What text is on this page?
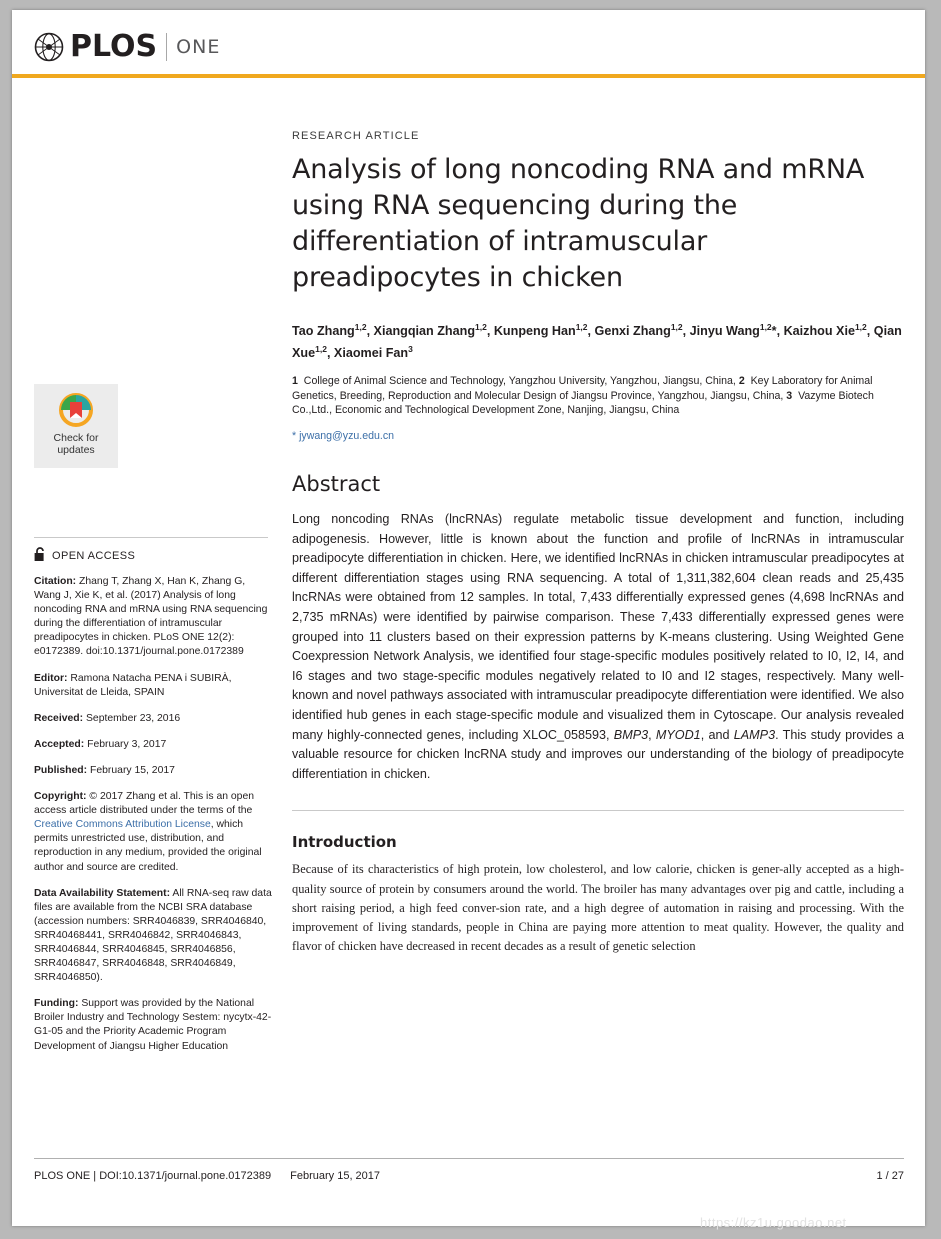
PLOS ONE
Check for
updates
OPEN ACCESS

Citation: Zhang T, Zhang X, Han K, Zhang G, Wang J, Xie K, et al. (2017) Analysis of long noncoding RNA and mRNA using RNA sequencing during the differentiation of intramuscular preadipocytes in chicken. PLoS ONE 12(2): e0172389. doi:10.1371/journal.pone.0172389

Editor: Ramona Natacha PENA i SUBIRÀ, Universitat de Lleida, SPAIN

Received: September 23, 2016

Accepted: February 3, 2017

Published: February 15, 2017

Copyright: © 2017 Zhang et al. This is an open access article distributed under the terms of the Creative Commons Attribution License, which permits unrestricted use, distribution, and reproduction in any medium, provided the original author and source are credited.

Data Availability Statement: All RNA-seq raw data files are available from the NCBI SRA database (accession numbers: SRR4046839, SRR4046840, SRR40468441, SRR4046842, SRR4046843, SRR4046844, SRR4046845, SRR4046856, SRR4046847, SRR4046848, SRR4046849, SRR4046850).

Funding: Support was provided by the National Broiler Industry and Technology Sestem: nycytx-42-G1-05 and the Priority Academic Program Development of Jiangsu Higher Education

RESEARCH ARTICLE
Analysis of long noncoding RNA and mRNA using RNA sequencing during the differentiation of intramuscular preadipocytes in chicken
Tao Zhang$^{1,2}$, Xiangqian Zhang$^{1,2}$, Kunpeng Han$^{1,2}$, Genxi Zhang$^{1,2}$, Jinyu Wang$^{1,2}$*, Kaizhou Xie$^{1,2}$, Qian Xue$^{1,2}$, Xiaomei Fan$^3$
1  College of Animal Science and Technology, Yangzhou University, Yangzhou, Jiangsu, China, 2  Key Laboratory for Animal Genetics, Breeding, Reproduction and Molecular Design of Jiangsu Province, Yangzhou, Jiangsu, China, 3  Vazyme Biotech Co.,Ltd., Economic and Technological Development Zone, Nanjing, Jiangsu, China
* jywang@yzu.edu.cn
Abstract

Long noncoding RNAs (lncRNAs) regulate metabolic tissue development and function, including adipogenesis. However, little is known about the function and profile of lncRNAs in intramuscular preadipocyte differentiation in chicken. Here, we identified lncRNAs in chicken intramuscular preadipocytes at different differentiation stages using RNA sequencing. A total of 1,311,382,604 clean reads and 25,435 lncRNAs were obtained from 12 samples. In total, 7,433 differentially expressed genes (4,698 lncRNAs and 2,735 mRNAs) were identified by pairwise comparison. These 7,433 differentially expressed genes were grouped into 11 clusters based on their expression patterns by K-means clustering. Using Weighted Gene Coexpression Network Analysis, we identified four stage-specific modules positively related to I0, I2, I4, and I6 stages and two stage-specific modules negatively related to I0 and I2 stages, respectively. Many well-known and novel pathways associated with intramuscular preadipocyte differentiation were identified. We also identified hub genes in each stage-specific module and visualized them in Cytoscape. Our analysis revealed many highly-connected genes, including XLOC_058593, BMP3, MYOD1, and LAMP3. This study provides a valuable resource for chicken lncRNA study and improves our understanding of the biology of preadipocyte differentiation in chicken.

Introduction

Because of its characteristics of high protein, low cholesterol, and low calorie, chicken is gener-ally accepted as a high-quality source of protein by consumers around the world. The broiler has many advantages over pig and cattle, including a short raising period, a high feed conver-sion rate, and a high degree of automation in raising and processing. With the improvement of living standards, people in China are paying more attention to meat quality. However, the quality and flavor of chicken have decreased in recent decades as a result of genetic selection

PLOS ONE | DOI:10.1371/journal.pone.0172389 February 15, 2017	1 / 27
https://kz1u.goodao.net
